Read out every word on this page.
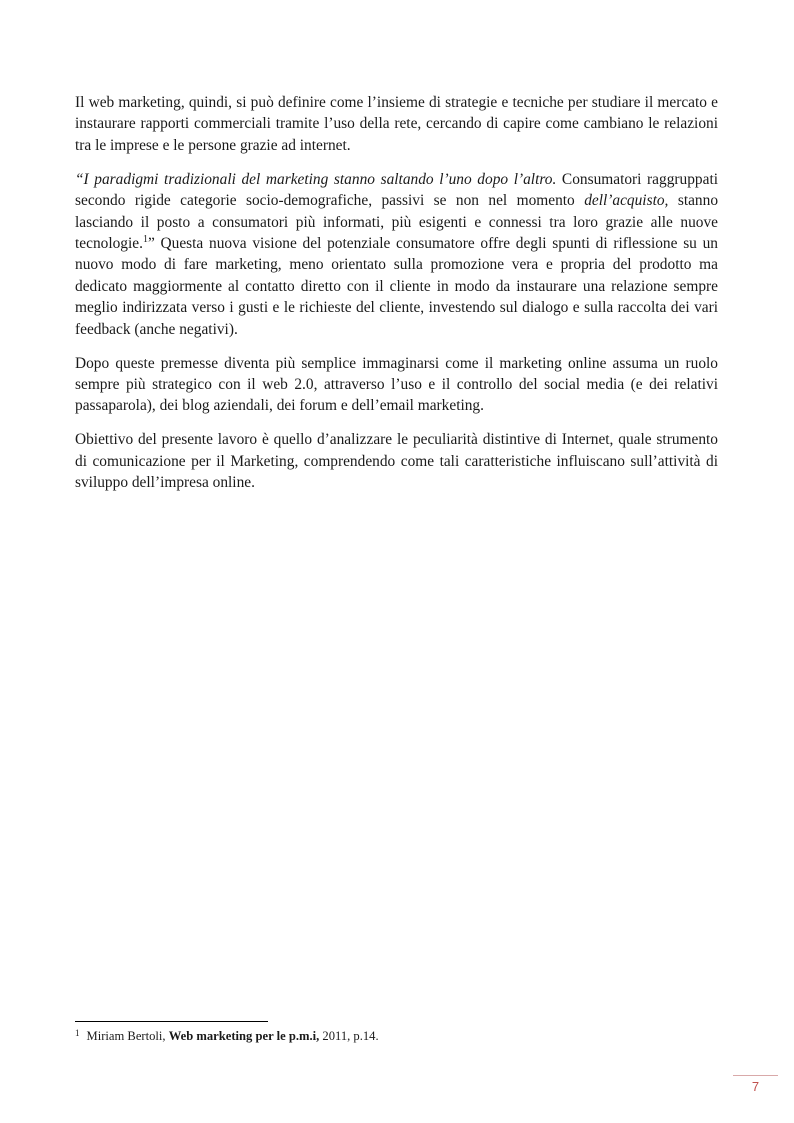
Il web marketing, quindi, si può definire come l’insieme di strategie e tecniche per studiare il mercato e instaurare rapporti commerciali tramite l’uso della rete, cercando di capire come cambiano le relazioni tra le imprese e le persone grazie ad internet.

“I paradigmi tradizionali del marketing stanno saltando l’uno dopo l’altro. Consumatori raggruppati secondo rigide categorie socio-demografiche, passivi se non nel momento dell’acquisto, stanno lasciando il posto a consumatori più informati, più esigenti e connessi tra loro grazie alle nuove tecnologie.$^1$” Questa nuova visione del potenziale consumatore offre degli spunti di riflessione su un nuovo modo di fare marketing, meno orientato sulla promozione vera e propria del prodotto ma dedicato maggiormente al contatto diretto con il cliente in modo da instaurare una relazione sempre meglio indirizzata verso i gusti e le richieste del cliente, investendo sul dialogo e sulla raccolta dei vari feedback (anche negativi).

Dopo queste premesse diventa più semplice immaginarsi come il marketing online assuma un ruolo sempre più strategico con il web 2.0, attraverso l’uso e il controllo del social media (e dei relativi passaparola), dei blog aziendali, dei forum e dell’email marketing.

Obiettivo del presente lavoro è quello d’analizzare le peculiarità distintive di Internet, quale strumento di comunicazione per il Marketing, comprendendo come tali caratteristiche influiscano sull’attività di sviluppo dell’impresa online.

$^1$ Miriam Bertoli, Web marketing per le p.m.i, 2011, p.14.
7
